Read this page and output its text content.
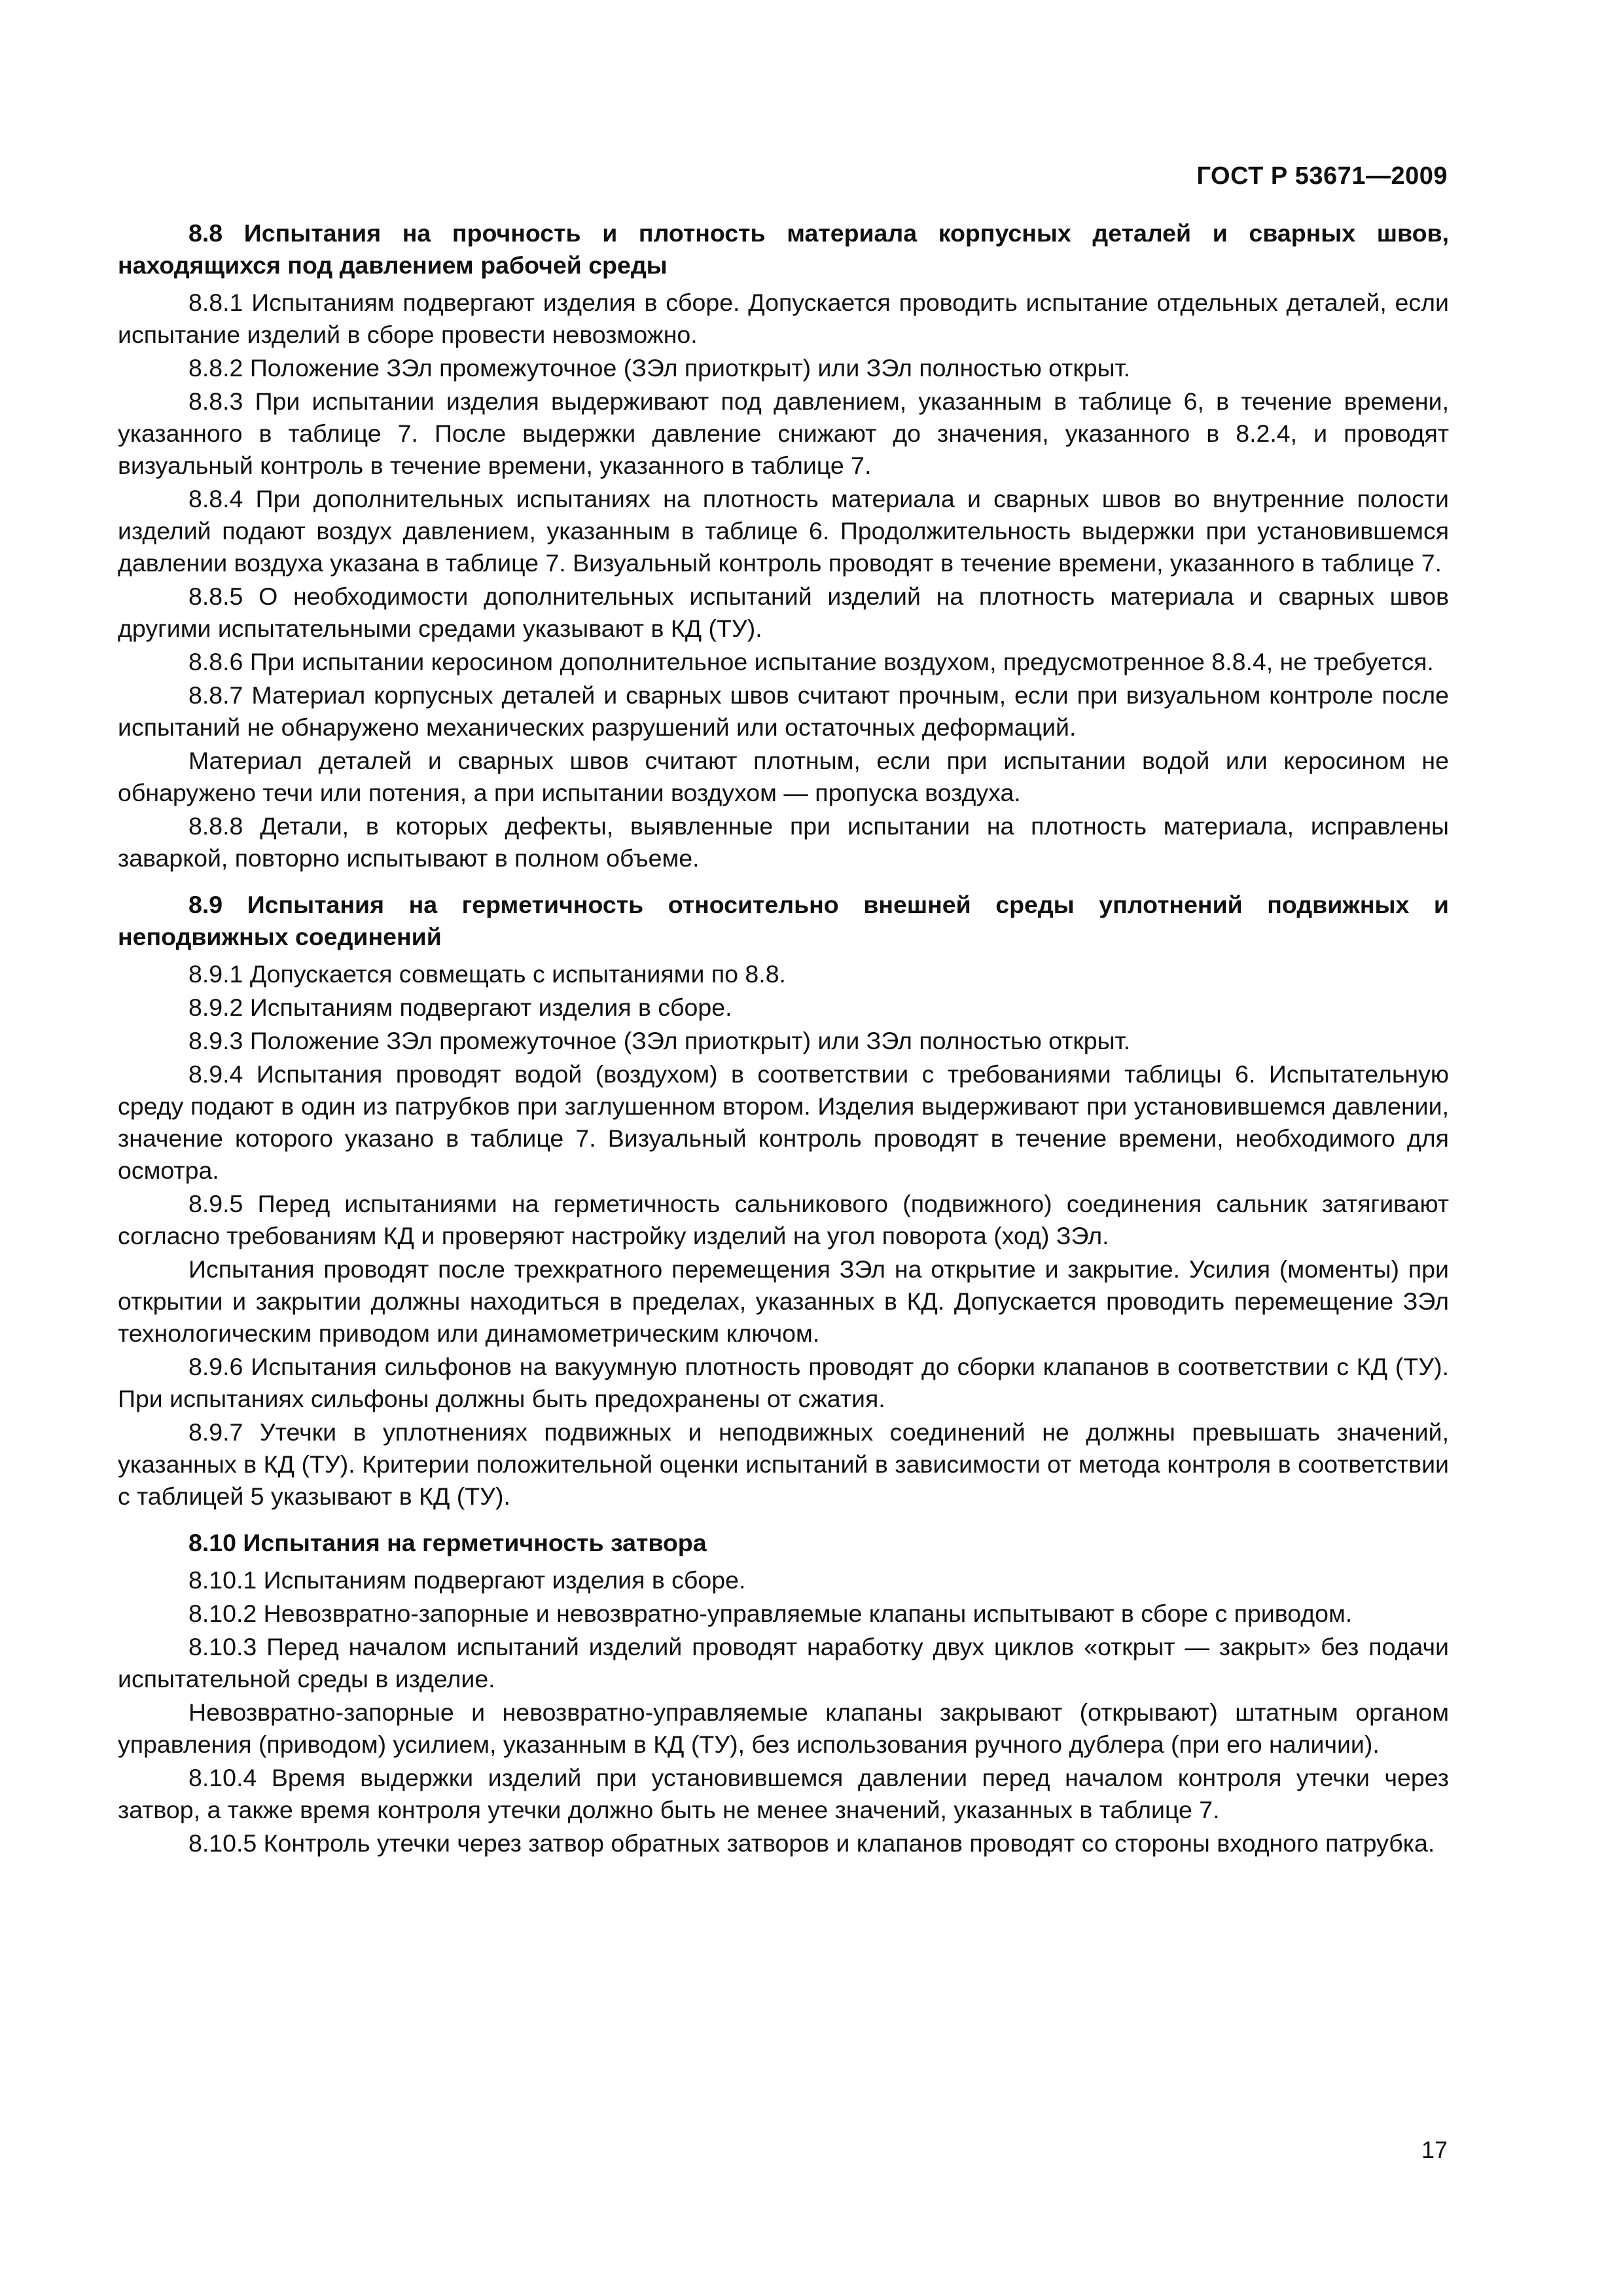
ГОСТ Р 53671—2009
8.8 Испытания на прочность и плотность материала корпусных деталей и сварных швов, находящихся под давлением рабочей среды

8.8.1 Испытаниям подвергают изделия в сборе. Допускается проводить испытание отдельных деталей, если испытание изделий в сборе провести невозможно.

8.8.2 Положение ЗЭл промежуточное (ЗЭл приоткрыт) или ЗЭл полностью открыт.

8.8.3 При испытании изделия выдерживают под давлением, указанным в таблице 6, в течение времени, указанного в таблице 7. После выдержки давление снижают до значения, указанного в 8.2.4, и проводят визуальный контроль в течение времени, указанного в таблице 7.

8.8.4 При дополнительных испытаниях на плотность материала и сварных швов во внутренние полости изделий подают воздух давлением, указанным в таблице 6. Продолжительность выдержки при установившемся давлении воздуха указана в таблице 7. Визуальный контроль проводят в течение времени, указанного в таблице 7.

8.8.5 О необходимости дополнительных испытаний изделий на плотность материала и сварных швов другими испытательными средами указывают в КД (ТУ).

8.8.6 При испытании керосином дополнительное испытание воздухом, предусмотренное 8.8.4, не требуется.

8.8.7 Материал корпусных деталей и сварных швов считают прочным, если при визуальном контроле после испытаний не обнаружено механических разрушений или остаточных деформаций.

Материал деталей и сварных швов считают плотным, если при испытании водой или керосином не обнаружено течи или потения, а при испытании воздухом — пропуска воздуха.

8.8.8 Детали, в которых дефекты, выявленные при испытании на плотность материала, исправлены заваркой, повторно испытывают в полном объеме.

8.9 Испытания на герметичность относительно внешней среды уплотнений подвижных и неподвижных соединений

8.9.1 Допускается совмещать с испытаниями по 8.8.

8.9.2 Испытаниям подвергают изделия в сборе.

8.9.3 Положение ЗЭл промежуточное (ЗЭл приоткрыт) или ЗЭл полностью открыт.

8.9.4 Испытания проводят водой (воздухом) в соответствии с требованиями таблицы 6. Испытательную среду подают в один из патрубков при заглушенном втором. Изделия выдерживают при установившемся давлении, значение которого указано в таблице 7. Визуальный контроль проводят в течение времени, необходимого для осмотра.

8.9.5 Перед испытаниями на герметичность сальникового (подвижного) соединения сальник затягивают согласно требованиям КД и проверяют настройку изделий на угол поворота (ход) ЗЭл.

Испытания проводят после трехкратного перемещения ЗЭл на открытие и закрытие. Усилия (моменты) при открытии и закрытии должны находиться в пределах, указанных в КД. Допускается проводить перемещение ЗЭл технологическим приводом или динамометрическим ключом.

8.9.6 Испытания сильфонов на вакуумную плотность проводят до сборки клапанов в соответствии с КД (ТУ). При испытаниях сильфоны должны быть предохранены от сжатия.

8.9.7 Утечки в уплотнениях подвижных и неподвижных соединений не должны превышать значений, указанных в КД (ТУ). Критерии положительной оценки испытаний в зависимости от метода контроля в соответствии с таблицей 5 указывают в КД (ТУ).

8.10 Испытания на герметичность затвора

8.10.1 Испытаниям подвергают изделия в сборе.

8.10.2 Невозвратно-запорные и невозвратно-управляемые клапаны испытывают в сборе с приводом.

8.10.3 Перед началом испытаний изделий проводят наработку двух циклов «открыт — закрыт» без подачи испытательной среды в изделие.

Невозвратно-запорные и невозвратно-управляемые клапаны закрывают (открывают) штатным органом управления (приводом) усилием, указанным в КД (ТУ), без использования ручного дублера (при его наличии).

8.10.4 Время выдержки изделий при установившемся давлении перед началом контроля утечки через затвор, а также время контроля утечки должно быть не менее значений, указанных в таблице 7.

8.10.5 Контроль утечки через затвор обратных затворов и клапанов проводят со стороны входного патрубка.

17
